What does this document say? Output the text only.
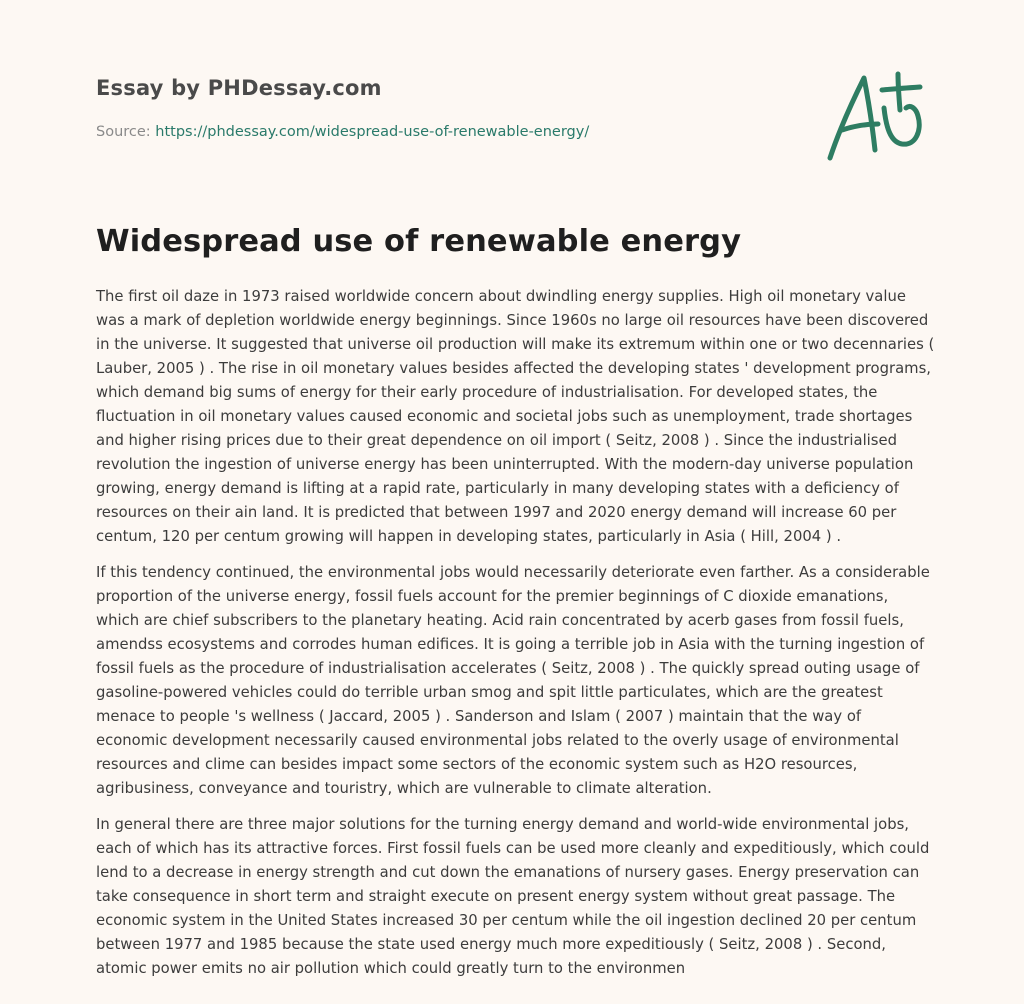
Essay by PHDessay.com
Source: https://phdessay.com/widespread-use-of-renewable-energy/
Widespread use of renewable energy

The first oil daze in 1973 raised worldwide concern about dwindling energy supplies. High oil monetary value was a mark of depletion worldwide energy beginnings. Since 1960s no large oil resources have been discovered in the universe. It suggested that universe oil production will make its extremum within one or two decennaries ( Lauber, 2005 ) . The rise in oil monetary values besides affected the developing states ' development programs, which demand big sums of energy for their early procedure of industrialisation. For developed states, the fluctuation in oil monetary values caused economic and societal jobs such as unemployment, trade shortages and higher rising prices due to their great dependence on oil import ( Seitz, 2008 ) . Since the industrialised revolution the ingestion of universe energy has been uninterrupted. With the modern-day universe population growing, energy demand is lifting at a rapid rate, particularly in many developing states with a deficiency of resources on their ain land. It is predicted that between 1997 and 2020 energy demand will increase 60 per centum, 120 per centum growing will happen in developing states, particularly in Asia ( Hill, 2004 ) .

If this tendency continued, the environmental jobs would necessarily deteriorate even farther. As a considerable proportion of the universe energy, fossil fuels account for the premier beginnings of C dioxide emanations, which are chief subscribers to the planetary heating. Acid rain concentrated by acerb gases from fossil fuels, amendss ecosystems and corrodes human edifices. It is going a terrible job in Asia with the turning ingestion of fossil fuels as the procedure of industrialisation accelerates ( Seitz, 2008 ) . The quickly spread outing usage of gasoline-powered vehicles could do terrible urban smog and spit little particulates, which are the greatest menace to people 's wellness ( Jaccard, 2005 ) . Sanderson and Islam ( 2007 ) maintain that the way of economic development necessarily caused environmental jobs related to the overly usage of environmental resources and clime can besides impact some sectors of the economic system such as H2O resources, agribusiness, conveyance and touristry, which are vulnerable to climate alteration.

In general there are three major solutions for the turning energy demand and world-wide environmental jobs, each of which has its attractive forces. First fossil fuels can be used more cleanly and expeditiously, which could lend to a decrease in energy strength and cut down the emanations of nursery gases. Energy preservation can take consequence in short term and straight execute on present energy system without great passage. The economic system in the United States increased 30 per centum while the oil ingestion declined 20 per centum between 1977 and 1985 because the state used energy much more expeditiously ( Seitz, 2008 ) . Second, atomic power emits no air pollution which could greatly turn to the environmen
